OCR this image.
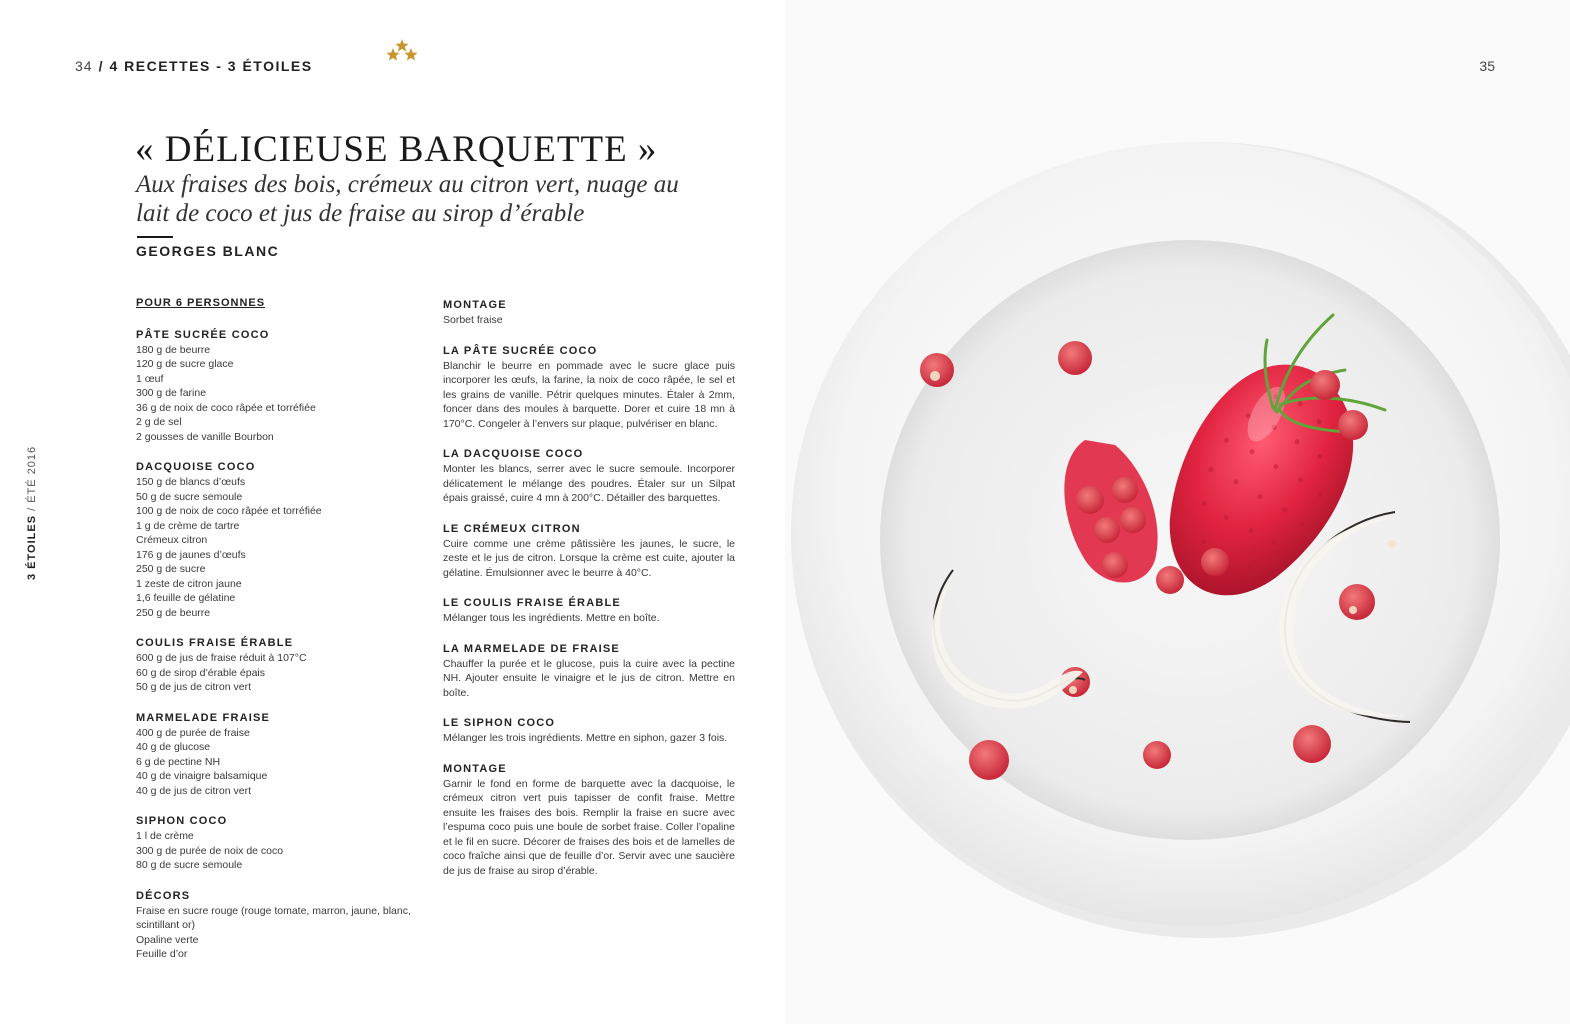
34 / 4 RECETTES - 3 ÉTOILES
3 ÉTOILES / ÉTÉ 2016
« DÉLICIEUSE BARQUETTE »
Aux fraises des bois, crémeux au citron vert, nuage au lait de coco et jus de fraise au sirop d’érable
GEORGES BLANC
POUR 6 PERSONNES
PÂTE SUCRÉE COCO
180 g de beurre
120 g de sucre glace
1 œuf
300 g de farine
36 g de noix de coco râpée et torréfiée
2 g de sel
2 gousses de vanille Bourbon
DACQUOISE COCO
150 g de blancs d’œufs
50 g de sucre semoule
100 g de noix de coco râpée et torréfiée
1 g de crème de tartre
Crémeux citron
176 g de jaunes d’œufs
250 g de sucre
1 zeste de citron jaune
1,6 feuille de gélatine
250 g de beurre
COULIS FRAISE ÉRABLE
600 g de jus de fraise réduit à 107°C
60 g de sirop d’érable épais
50 g de jus de citron vert
MARMELADE FRAISE
400 g de purée de fraise
40 g de glucose
6 g de pectine NH
40 g de vinaigre balsamique
40 g de jus de citron vert
SIPHON COCO
1 l de crème
300 g de purée de noix de coco
80 g de sucre semoule
DÉCORS
Fraise en sucre rouge (rouge tomate, marron, jaune, blanc, scintillant or)
Opaline verte
Feuille d’or
MONTAGE

Sorbet fraise

LA PÂTE SUCRÉE COCO

Blanchir le beurre en pommade avec le sucre glace puis incorporer les œufs, la farine, la noix de coco râpée, le sel et les grains de vanille. Pétrir quelques minutes. Étaler à 2mm, foncer dans des moules à barquette. Dorer et cuire 18 mn à 170°C. Congeler à l’envers sur plaque, pulvériser en blanc.

LA DACQUOISE COCO

Monter les blancs, serrer avec le sucre semoule. Incorporer délicatement le mélange des poudres. Étaler sur un Silpat épais graissé, cuire 4 mn à 200°C. Détailler des barquettes.

LE CRÉMEUX CITRON

Cuire comme une crème pâtissière les jaunes, le sucre, le zeste et le jus de citron. Lorsque la crème est cuite, ajouter la gélatine. Émulsionner avec le beurre à 40°C.

LE COULIS FRAISE ÉRABLE

Mélanger tous les ingrédients. Mettre en boîte.

LA MARMELADE DE FRAISE

Chauffer la purée et le glucose, puis la cuire avec la pectine NH. Ajouter ensuite le vinaigre et le jus de citron. Mettre en boîte.

LE SIPHON COCO

Mélanger les trois ingrédients. Mettre en siphon, gazer 3 fois.

MONTAGE

Garnir le fond en forme de barquette avec la dacquoise, le crémeux citron vert puis tapisser de confit fraise. Mettre ensuite les fraises des bois. Remplir la fraise en sucre avec l’espuma coco puis une boule de sorbet fraise. Coller l’opaline et le fil en sucre. Décorer de fraises des bois et de lamelles de coco fraîche ainsi que de feuille d’or. Servir avec une saucière de jus de fraise au sirop d’érable.

35
